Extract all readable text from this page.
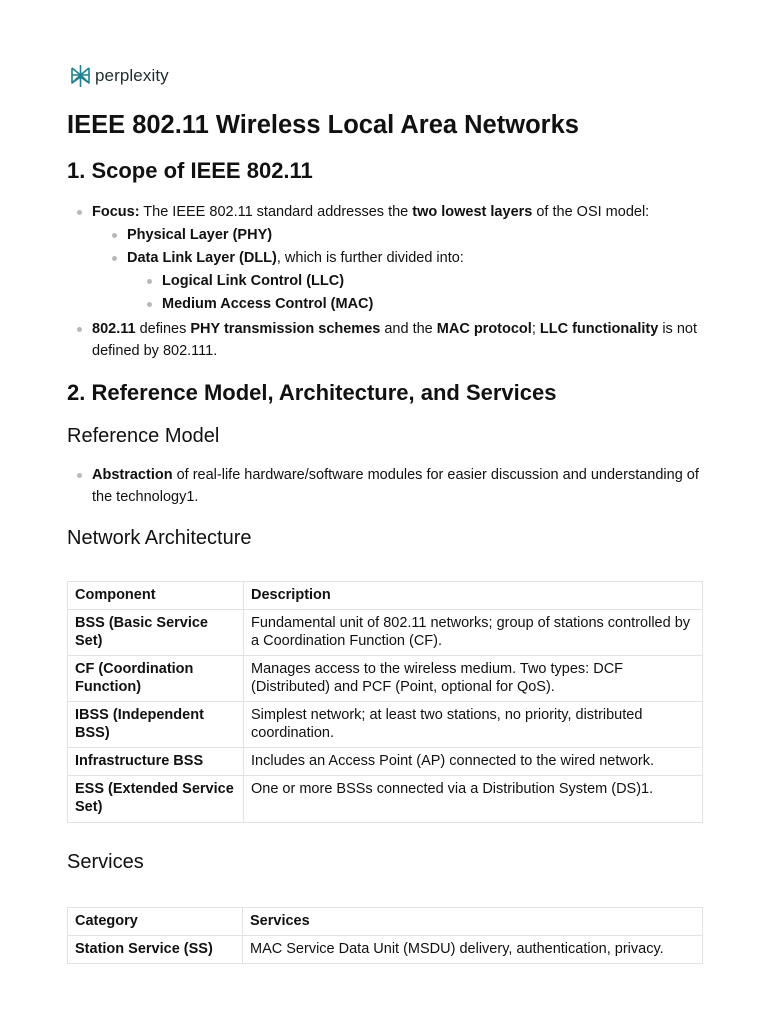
perplexity
IEEE 802.11 Wireless Local Area Networks
1. Scope of IEEE 802.11
Focus: The IEEE 802.11 standard addresses the two lowest layers of the OSI model:
Physical Layer (PHY)
Data Link Layer (DLL), which is further divided into:
Logical Link Control (LLC)
Medium Access Control (MAC)
802.11 defines PHY transmission schemes and the MAC protocol; LLC functionality is not defined by 802.111.
2. Reference Model, Architecture, and Services
Reference Model
Abstraction of real-life hardware/software modules for easier discussion and understanding of the technology1.
Network Architecture
Component	Description
BSS (Basic Service Set)	Fundamental unit of 802.11 networks; group of stations controlled by a Coordination Function (CF).
CF (Coordination Function)	Manages access to the wireless medium. Two types: DCF (Distributed) and PCF (Point, optional for QoS).
IBSS (Independent BSS)	Simplest network; at least two stations, no priority, distributed coordination.
Infrastructure BSS	Includes an Access Point (AP) connected to the wired network.
ESS (Extended Service Set)	One or more BSSs connected via a Distribution System (DS)1.
Services
Category	Services
Station Service (SS)	MAC Service Data Unit (MSDU) delivery, authentication, privacy.
